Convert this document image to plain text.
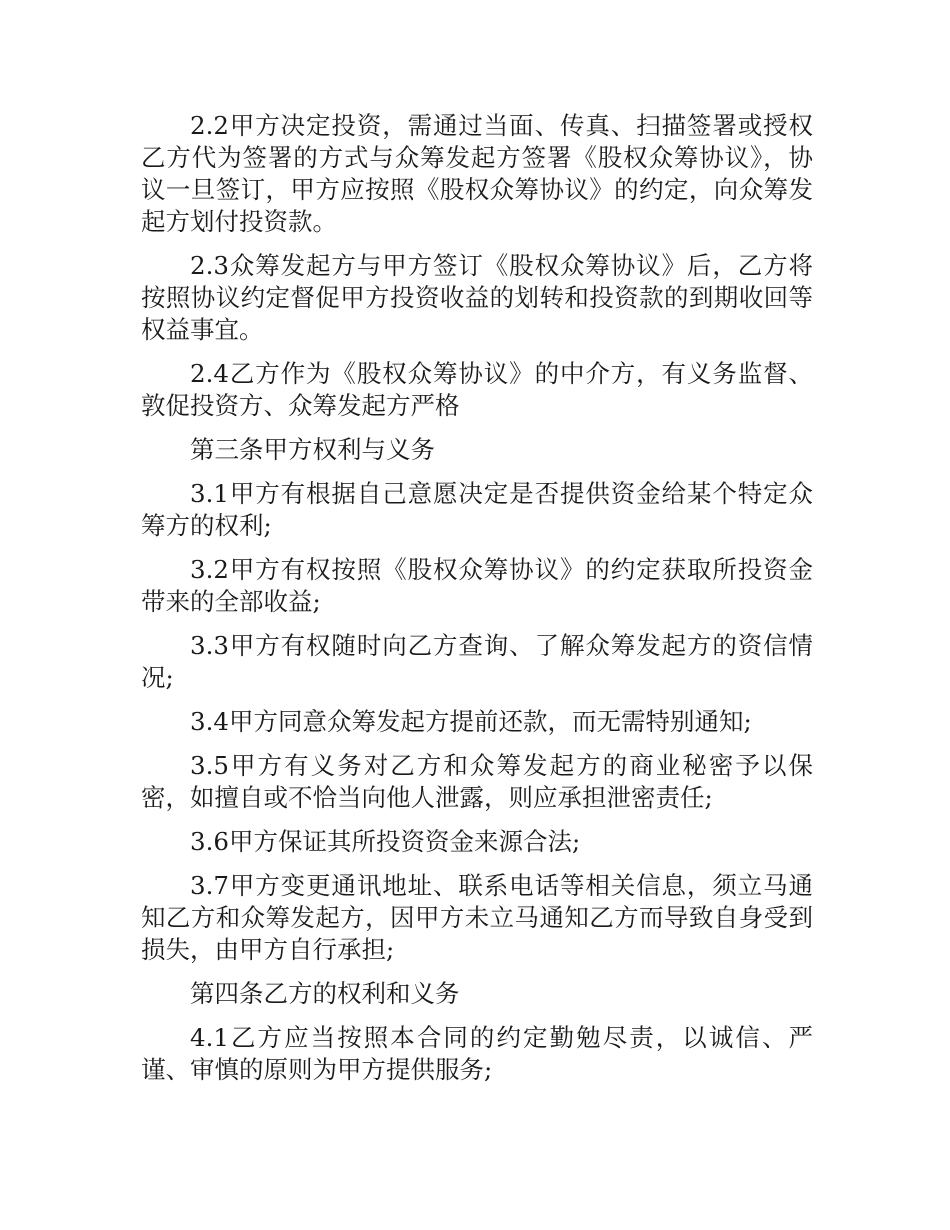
2.2甲方决定投资，需通过当面、传真、扫描签署或授权乙方代为签署的方式与众筹发起方签署《股权众筹协议》，协议一旦签订，甲方应按照《股权众筹协议》的约定，向众筹发起方划付投资款。

2.3众筹发起方与甲方签订《股权众筹协议》后，乙方将按照协议约定督促甲方投资收益的划转和投资款的到期收回等权益事宜。

2.4乙方作为《股权众筹协议》的中介方，有义务监督、敦促投资方、众筹发起方严格

第三条甲方权利与义务

3.1甲方有根据自己意愿决定是否提供资金给某个特定众筹方的权利;

3.2甲方有权按照《股权众筹协议》的约定获取所投资金带来的全部收益;

3.3甲方有权随时向乙方查询、了解众筹发起方的资信情况;

3.4甲方同意众筹发起方提前还款，而无需特别通知;

3.5甲方有义务对乙方和众筹发起方的商业秘密予以保密，如擅自或不恰当向他人泄露，则应承担泄密责任;

3.6甲方保证其所投资资金来源合法;

3.7甲方变更通讯地址、联系电话等相关信息，须立马通知乙方和众筹发起方，因甲方未立马通知乙方而导致自身受到损失，由甲方自行承担;

第四条乙方的权利和义务

4.1乙方应当按照本合同的约定勤勉尽责，以诚信、严谨、审慎的原则为甲方提供服务;
